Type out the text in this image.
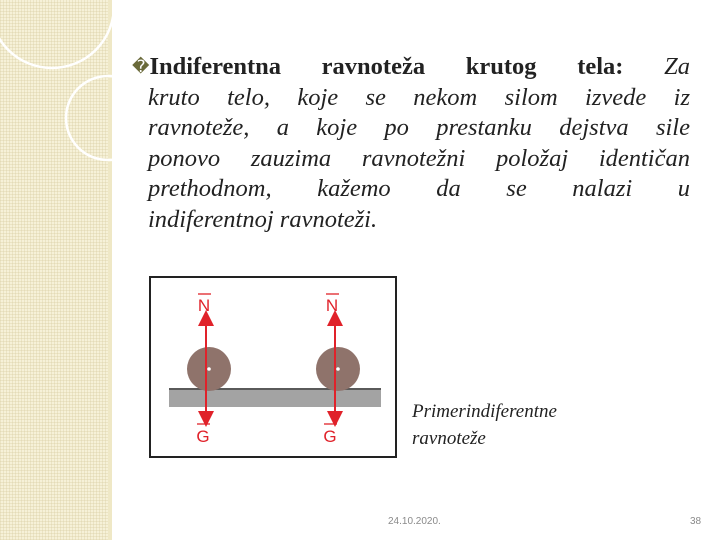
�Indiferentna ravnoteža krutog tela: Za
kruto telo, koje se nekom silom izvede iz
ravnoteže, a koje po prestanku dejstva sile
ponovo zauzima ravnotežni položaj identičan
prethodnom, kažemo da se nalazi u
indiferentnoj ravnoteži.
N
G
N
G
Primerindiferentne
ravnoteže
24.10.2020.	38
